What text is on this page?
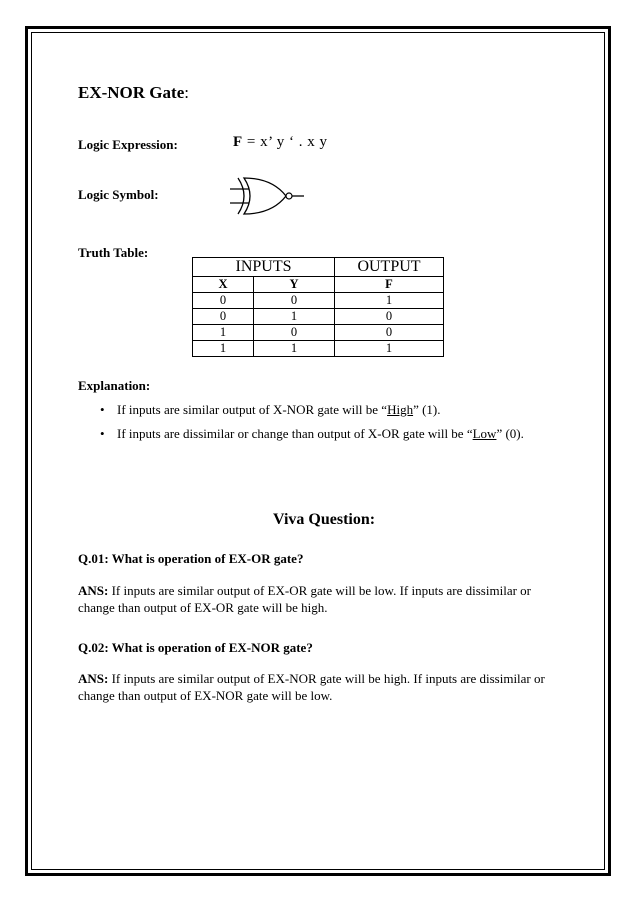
EX-NOR Gate:
Logic Expression:	F = x’ y ‘ . x y
Logic Symbol:
Truth Table:
INPUTS		OUTPUT
X	Y	F
0	0	1
0	1	0
1	0	0
1	1	1
Explanation:
• If inputs are similar output of X-NOR gate will be “High” (1).
• If inputs are dissimilar or change than output of X-OR gate will be “Low” (0).
Viva Question:
Q.01: What is operation of EX-OR gate?
ANS: If inputs are similar output of EX-OR gate will be low. If inputs are dissimilar or change than output of EX-OR gate will be high.
Q.02: What is operation of EX-NOR gate?
ANS: If inputs are similar output of EX-NOR gate will be high. If inputs are dissimilar or change than output of EX-NOR gate will be low.
